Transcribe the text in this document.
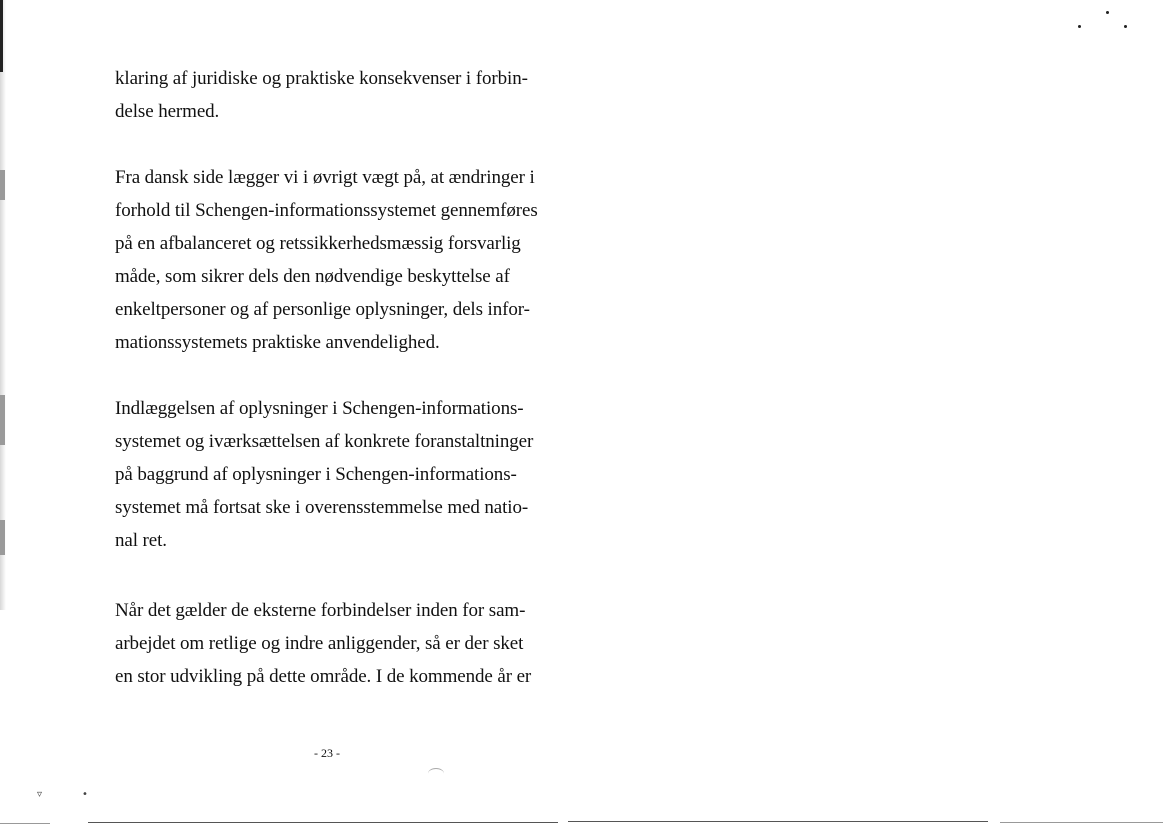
klaring af juridiske og praktiske konsekvenser i forbin-
delse hermed.
Fra dansk side lægger vi i øvrigt vægt på, at ændringer i
forhold til Schengen-informationssystemet gennemføres
på en afbalanceret og retssikkerhedsmæssig forsvarlig
måde, som sikrer dels den nødvendige beskyttelse af
enkeltpersoner og af personlige oplysninger, dels infor-
mationssystemets praktiske anvendelighed.
Indlæggelsen af oplysninger i Schengen-informations-
systemet og iværksættelsen af konkrete foranstaltninger
på baggrund af oplysninger i Schengen-informations-
systemet må fortsat ske i overensstemmelse med natio-
nal ret.
Når det gælder de eksterne forbindelser inden for sam-
arbejdet om retlige og indre anliggender, så er der sket
en stor udvikling på dette område. I de kommende år er
- 23 -
▿	•
